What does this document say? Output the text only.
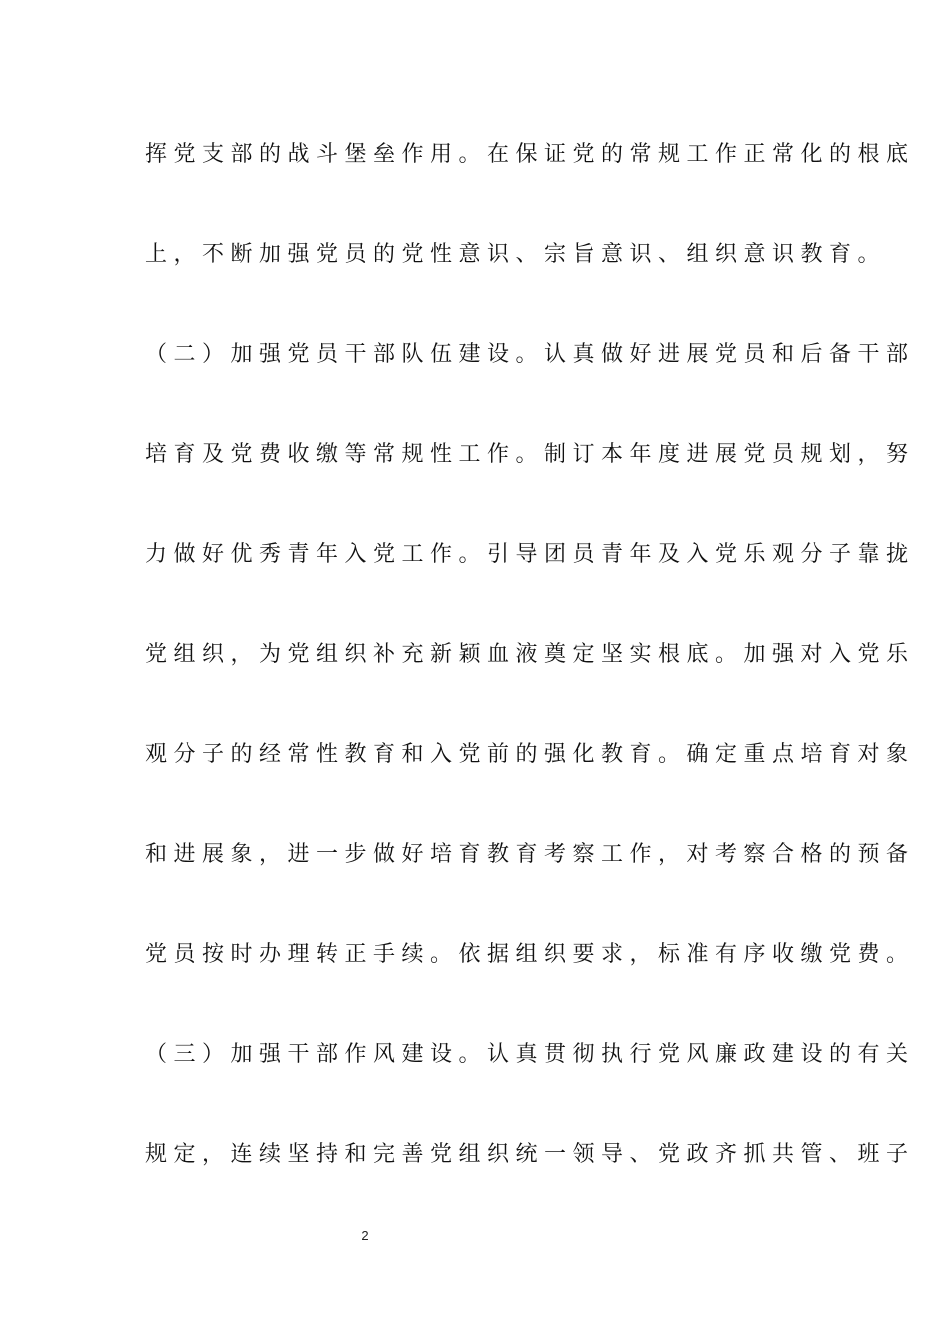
挥党支部的战斗堡垒作用。在保证党的常规工作正常化的根底
上，不断加强党员的党性意识、宗旨意识、组织意识教育。
（二）加强党员干部队伍建设。认真做好进展党员和后备干部
培育及党费收缴等常规性工作。制订本年度进展党员规划，努
力做好优秀青年入党工作。引导团员青年及入党乐观分子靠拢
党组织，为党组织补充新颖血液奠定坚实根底。加强对入党乐
观分子的经常性教育和入党前的强化教育。确定重点培育对象
和进展象，进一步做好培育教育考察工作，对考察合格的预备
党员按时办理转正手续。依据组织要求，标准有序收缴党费。
（三）加强干部作风建设。认真贯彻执行党风廉政建设的有关
规定，连续坚持和完善党组织统一领导、党政齐抓共管、班子
2
